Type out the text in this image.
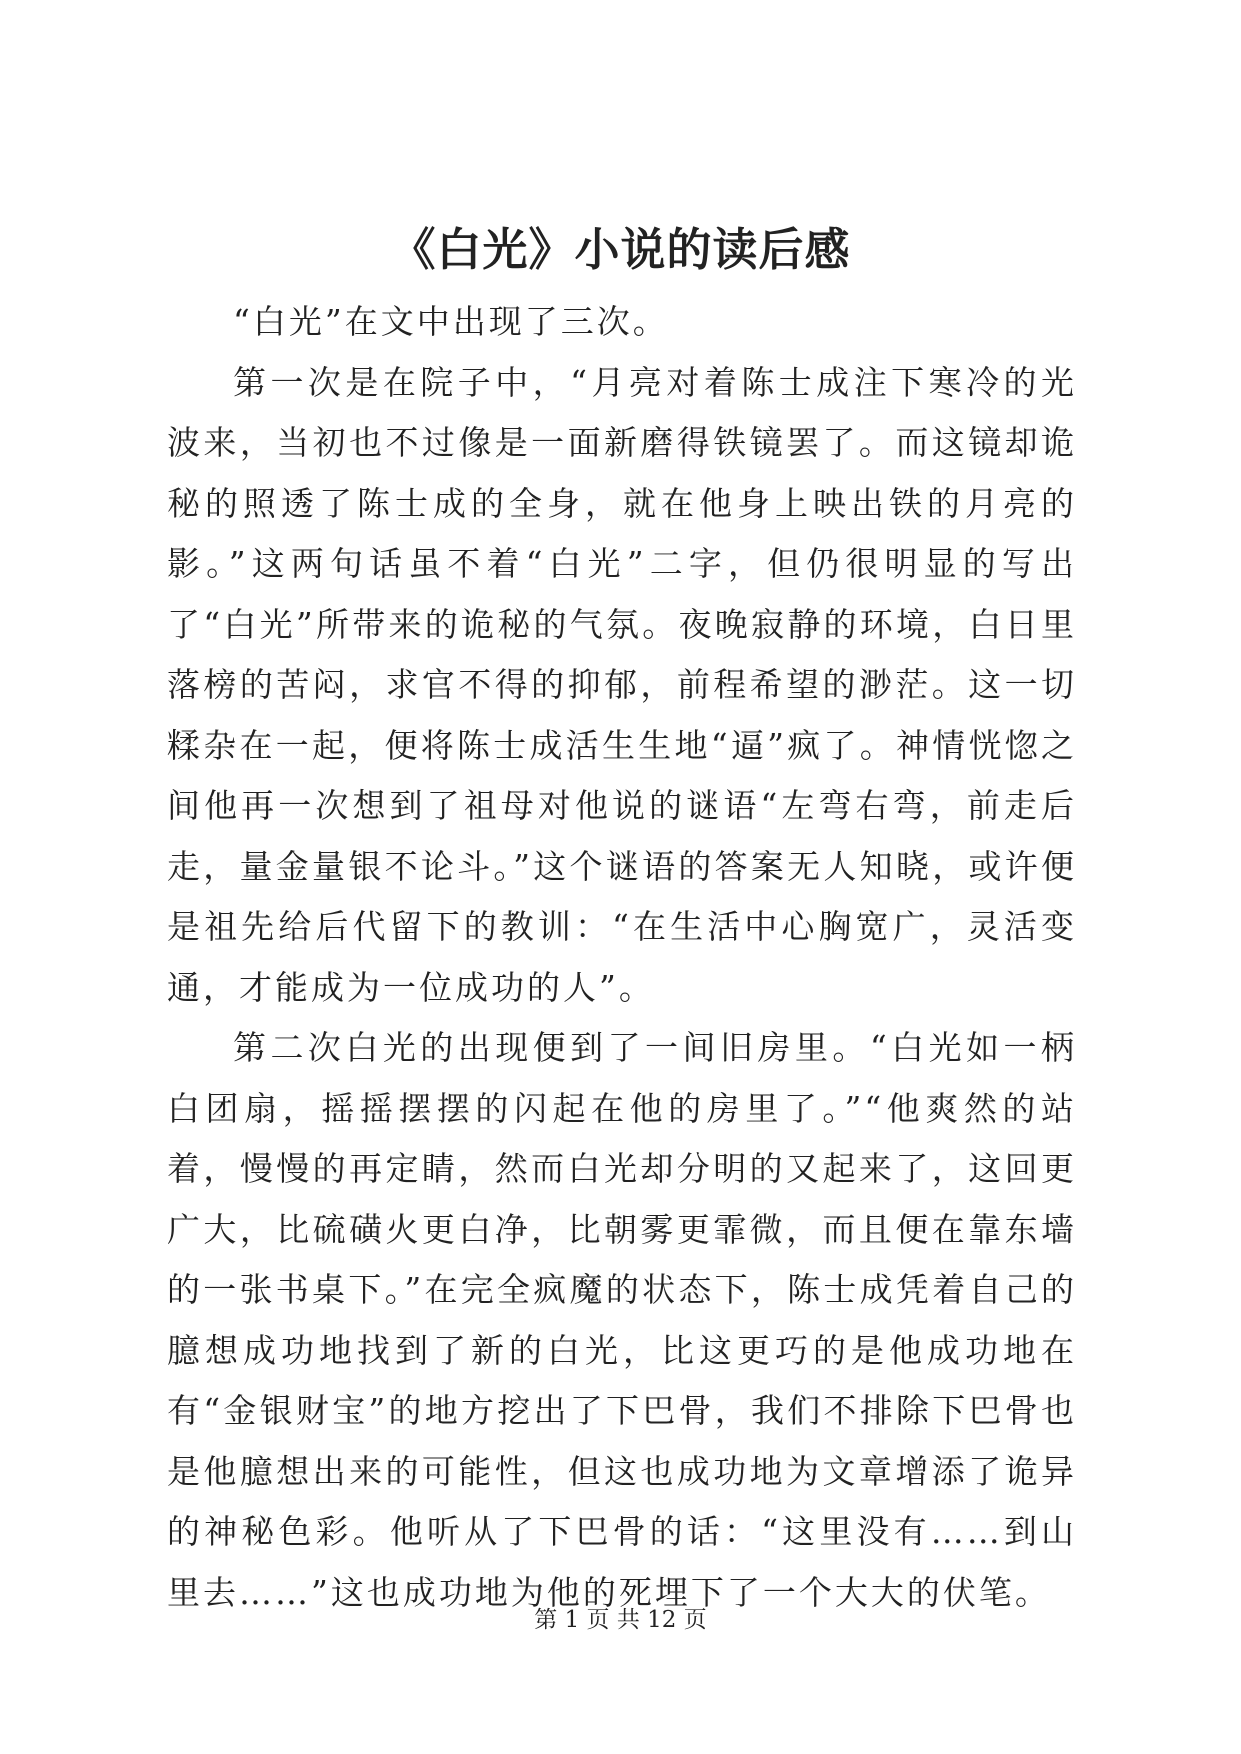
《白光》小说的读后感

“白光”在文中出现了三次。

第一次是在院子中，“月亮对着陈士成注下寒冷的光波来，当初也不过像是一面新磨得铁镜罢了。而这镜却诡秘的照透了陈士成的全身，就在他身上映出铁的月亮的影。”这两句话虽不着“白光”二字，但仍很明显的写出了“白光”所带来的诡秘的气氛。夜晚寂静的环境，白日里落榜的苦闷，求官不得的抑郁，前程希望的渺茫。这一切糅杂在一起，便将陈士成活生生地“逼”疯了。神情恍惚之间他再一次想到了祖母对他说的谜语“左弯右弯，前走后走，量金量银不论斗。”这个谜语的答案无人知晓，或许便是祖先给后代留下的教训：“在生活中心胸宽广，灵活变通，才能成为一位成功的人”。

第二次白光的出现便到了一间旧房里。“白光如一柄白团扇，摇摇摆摆的闪起在他的房里了。”“他爽然的站着，慢慢的再定睛，然而白光却分明的又起来了，这回更广大，比硫磺火更白净，比朝雾更霏微，而且便在靠东墙的一张书桌下。”在完全疯魔的状态下，陈士成凭着自己的臆想成功地找到了新的白光，比这更巧的是他成功地在有“金银财宝”的地方挖出了下巴骨，我们不排除下巴骨也是他臆想出来的可能性，但这也成功地为文章增添了诡异的神秘色彩。他听从了下巴骨的话：“这里没有……到山里去……”这也成功地为他的死埋下了一个大大的伏笔。

第 1 页 共 12 页
